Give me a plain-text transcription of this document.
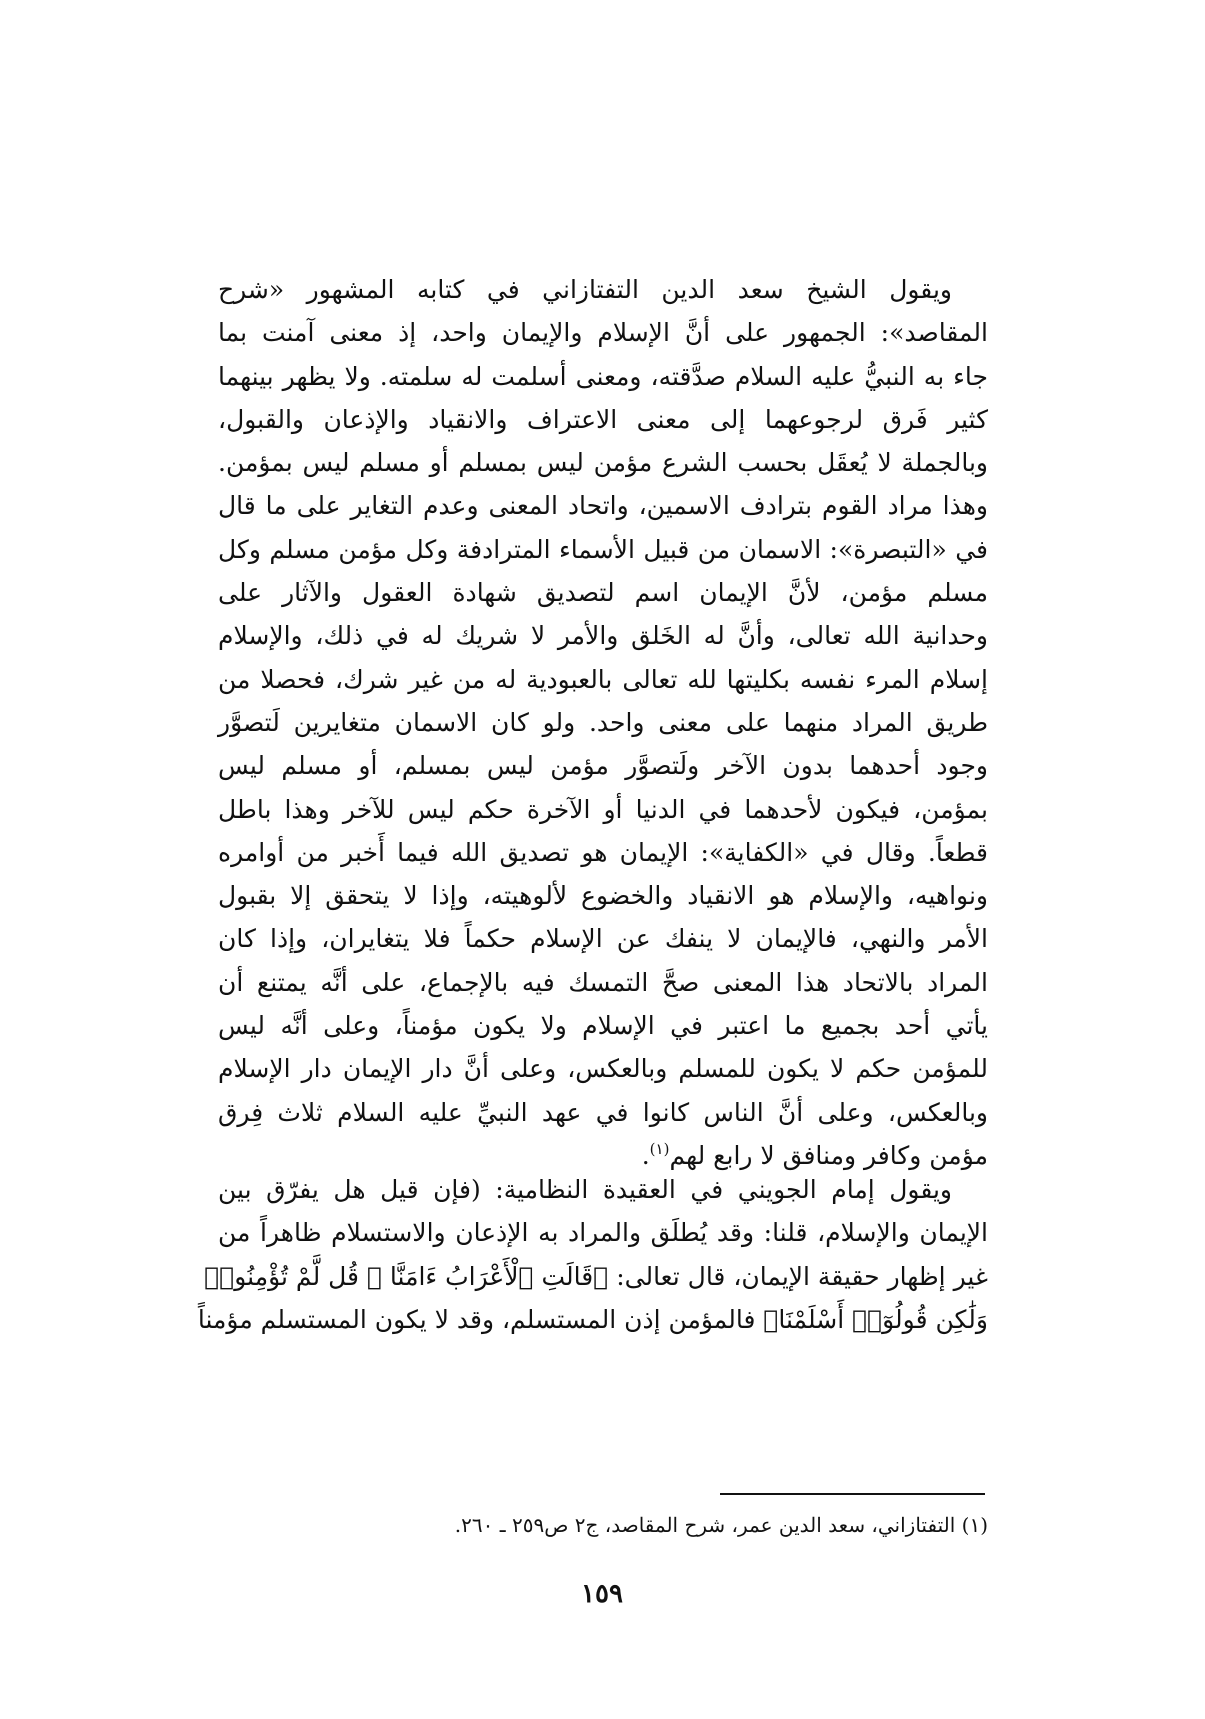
ويقول الشيخ سعد الدين التفتازاني في كتابه المشهور «شرح
المقاصد»: الجمهور على أنَّ الإسلام والإيمان واحد، إذ معنى آمنت بما
جاء به النبيُّ عليه السلام صدَّقته، ومعنى أسلمت له سلمته. ولا يظهر بينهما
كثير فَرق لرجوعهما إلى معنى الاعتراف والانقياد والإذعان والقبول،
وبالجملة لا يُعقَل بحسب الشرع مؤمن ليس بمسلم أو مسلم ليس بمؤمن.
وهذا مراد القوم بترادف الاسمين، واتحاد المعنى وعدم التغاير على ما قال
في «التبصرة»: الاسمان من قبيل الأسماء المترادفة وكل مؤمن مسلم وكل
مسلم مؤمن، لأنَّ الإيمان اسم لتصديق شهادة العقول والآثار على
وحدانية الله تعالى، وأنَّ له الخَلق والأمر لا شريك له في ذلك، والإسلام
إسلام المرء نفسه بكليتها لله تعالى بالعبودية له من غير شرك، فحصلا من
طريق المراد منهما على معنى واحد. ولو كان الاسمان متغايرين لَتصوَّر
وجود أحدهما بدون الآخر ولَتصوَّر مؤمن ليس بمسلم، أو مسلم ليس
بمؤمن، فيكون لأحدهما في الدنيا أو الآخرة حكم ليس للآخر وهذا باطل
قطعاً. وقال في «الكفاية»: الإيمان هو تصديق الله فيما أَخبر من أوامره
ونواهيه، والإسلام هو الانقياد والخضوع لألوهيته، وإذا لا يتحقق إلا بقبول
الأمر والنهي، فالإيمان لا ينفك عن الإسلام حكماً فلا يتغايران، وإذا كان
المراد بالاتحاد هذا المعنى صحَّ التمسك فيه بالإجماع، على أنَّه يمتنع أن
يأتي أحد بجميع ما اعتبر في الإسلام ولا يكون مؤمناً، وعلى أنَّه ليس
للمؤمن حكم لا يكون للمسلم وبالعكس، وعلى أنَّ دار الإيمان دار الإسلام
وبالعكس، وعلى أنَّ الناس كانوا في عهد النبيِّ عليه السلام ثلاث فِرق
مؤمن وكافر ومنافق لا رابع لهم$^{(١)}$.
ويقول إمام الجويني في العقيدة النظامية: (فإن قيل هل يفرّق بين
الإيمان والإسلام، قلنا: وقد يُطلَق والمراد به الإذعان والاستسلام ظاهراً من
غير إظهار حقيقة الإيمان، قال تعالى: ﴿قَالَتِ ٱلْأَعْرَابُ ءَامَنَّا ۖ قُل لَّمْ تُؤْمِنُوا۟
وَلَٰكِن قُولُوٓا۟ أَسْلَمْنَا﴾ فالمؤمن إذن المستسلم، وقد لا يكون المستسلم مؤمناً

(١) التفتازاني، سعد الدين عمر، شرح المقاصد، ج٢ ص٢٥٩ ـ ٢٦٠.

١٥٩
